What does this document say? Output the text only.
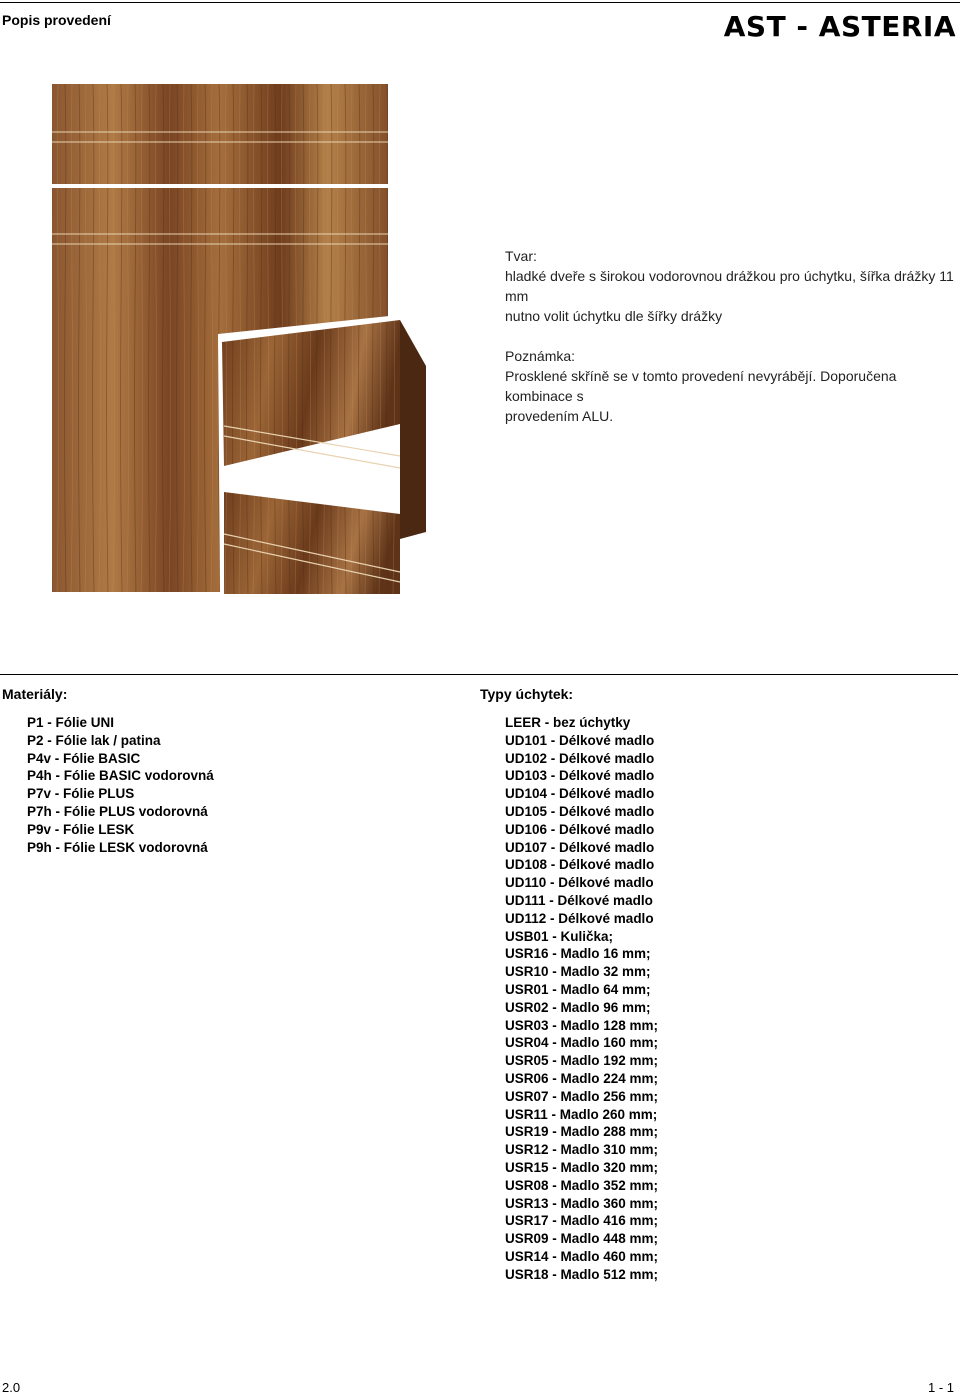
Popis provedení	AST - ASTERIA

Tvar:

hladké dveře s širokou vodorovnou drážkou pro úchytku, šířka drážky 11 mm

nutno volit úchytku dle šířky drážky

Poznámka:

Prosklené skříně se v tomto provedení nevyrábějí. Doporučena kombinace s

provedením ALU.

Materiály:	Typy úchytek:
P1 - Fólie UNI
P2 - Fólie lak / patina
P4v - Fólie BASIC
P4h - Fólie BASIC vodorovná
P7v - Fólie PLUS
P7h - Fólie PLUS vodorovná
P9v - Fólie LESK
P9h - Fólie LESK vodorovná
LEER - bez úchytky
UD101 - Délkové madlo
UD102 - Délkové madlo
UD103 - Délkové madlo
UD104 - Délkové madlo
UD105 - Délkové madlo
UD106 - Délkové madlo
UD107 - Délkové madlo
UD108 - Délkové madlo
UD110 - Délkové madlo
UD111 - Délkové madlo
UD112 - Délkové madlo
USB01 - Kulička;
USR16 - Madlo 16 mm;
USR10 - Madlo 32 mm;
USR01 - Madlo 64 mm;
USR02 - Madlo 96 mm;
USR03 - Madlo 128 mm;
USR04 - Madlo 160 mm;
USR05 - Madlo 192 mm;
USR06 - Madlo 224 mm;
USR07 - Madlo 256 mm;
USR11 - Madlo 260 mm;
USR19 - Madlo 288 mm;
USR12 - Madlo 310 mm;
USR15 - Madlo 320 mm;
USR08 - Madlo 352 mm;
USR13 - Madlo 360 mm;
USR17 - Madlo 416 mm;
USR09 - Madlo 448 mm;
USR14 - Madlo 460 mm;
USR18 - Madlo 512 mm;
2.0	1 - 1
